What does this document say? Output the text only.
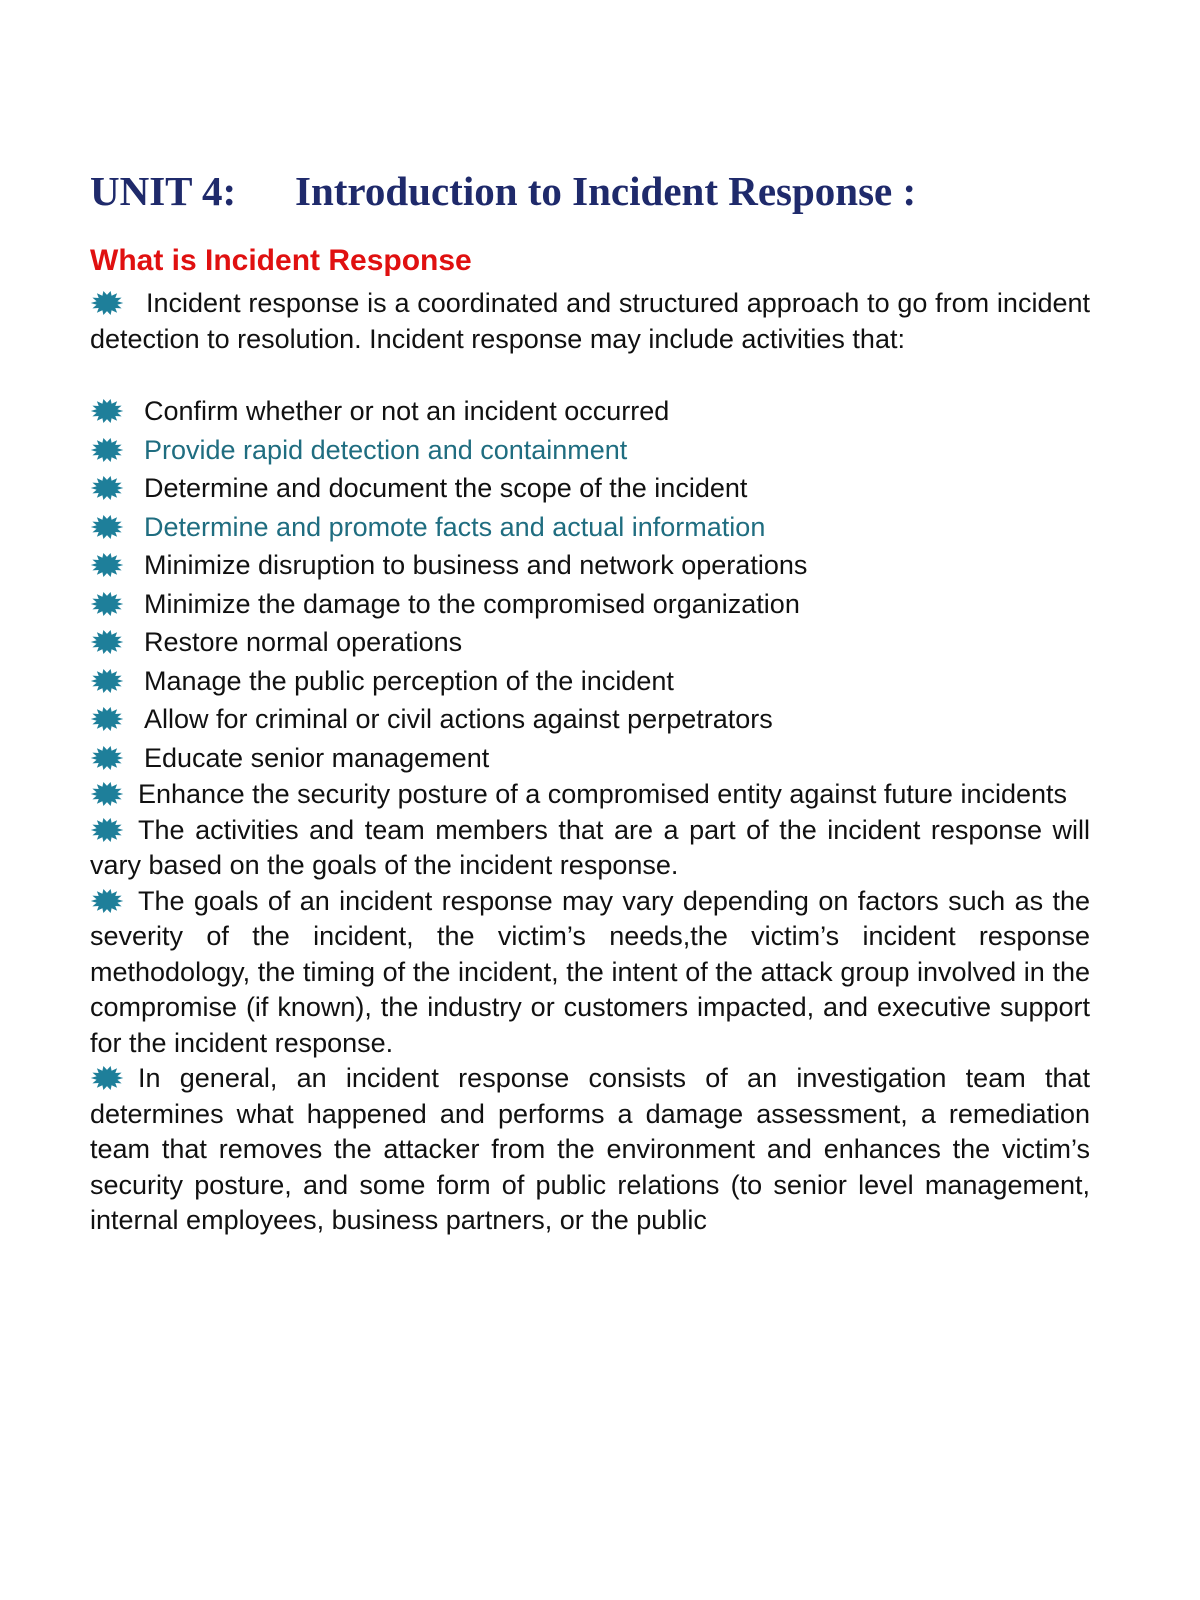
UNIT 4: Introduction to Incident Response :
What is Incident Response

Incident response is a coordinated and structured approach to go from incident detection to resolution. Incident response may include activities that:

Confirm whether or not an incident occurred
Provide rapid detection and containment
Determine and document the scope of the incident
Determine and promote facts and actual information
Minimize disruption to business and network operations
Minimize the damage to the compromised organization
Restore normal operations
Manage the public perception of the incident
Allow for criminal or civil actions against perpetrators
Educate senior management

Enhance the security posture of a compromised entity against future incidents

The activities and team members that are a part of the incident response will vary based on the goals of the incident response.

The goals of an incident response may vary depending on factors such as the severity of the incident, the victim’s needs,the victim’s incident response methodology, the timing of the incident, the intent of the attack group involved in the compromise (if known), the industry or customers impacted, and executive support for the incident response.

In general, an incident response consists of an investigation team that determines what happened and performs a damage assessment, a remediation team that removes the attacker from the environment and enhances the victim’s security posture, and some form of public relations (to senior level management, internal employees, business partners, or the public
